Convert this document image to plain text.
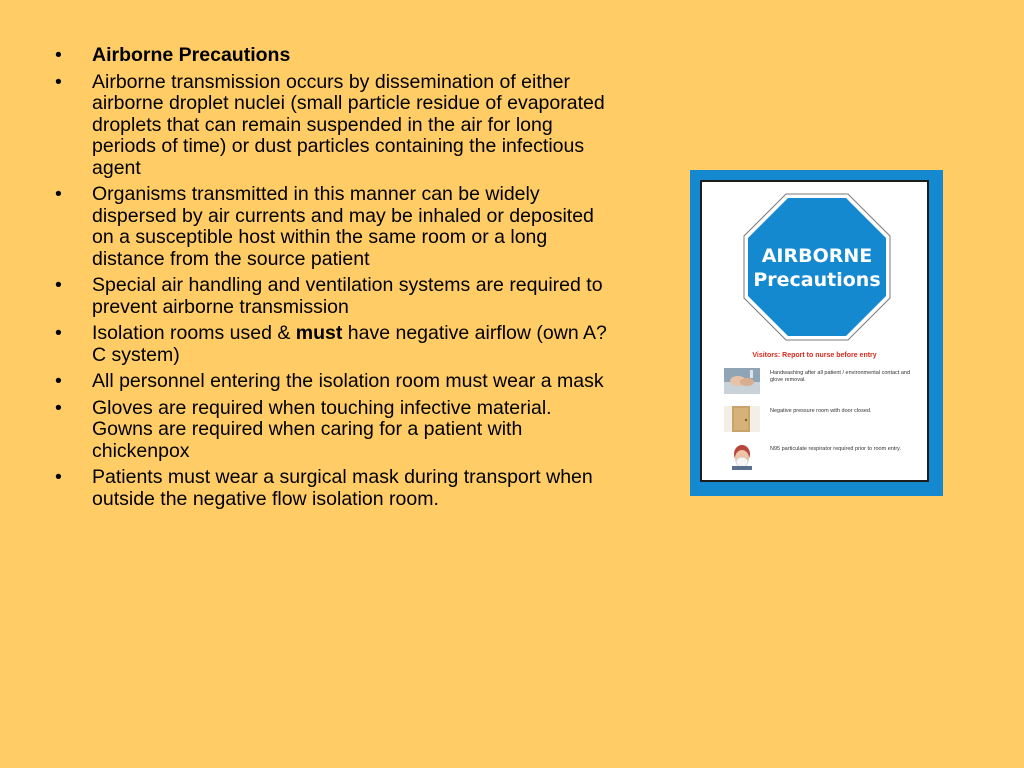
• Airborne Precautions
• Airborne transmission occurs by dissemination of either airborne droplet nuclei (small particle residue of evaporated droplets that can remain suspended in the air for long periods of time) or dust particles containing the infectious agent
• Organisms transmitted in this manner can be widely dispersed by air currents and may be inhaled or deposited on a susceptible host within the same room or a long distance from the source patient
• Special air handling and ventilation systems are required to prevent airborne transmission
• Isolation rooms used & must have negative airflow (own A?C system)
• All personnel entering the isolation room must wear a mask
• Gloves are required when touching infective material. Gowns are required when caring for a patient with chickenpox
• Patients must wear a surgical mask during transport when outside the negative flow isolation room.
AIRBORNE
Precautions
Visitors: Report to nurse before entry
Handwashing after all patient / environmental contact and glove removal.
Negative pressure room with door closed.
N95 particulate respirator required prior to room entry.
